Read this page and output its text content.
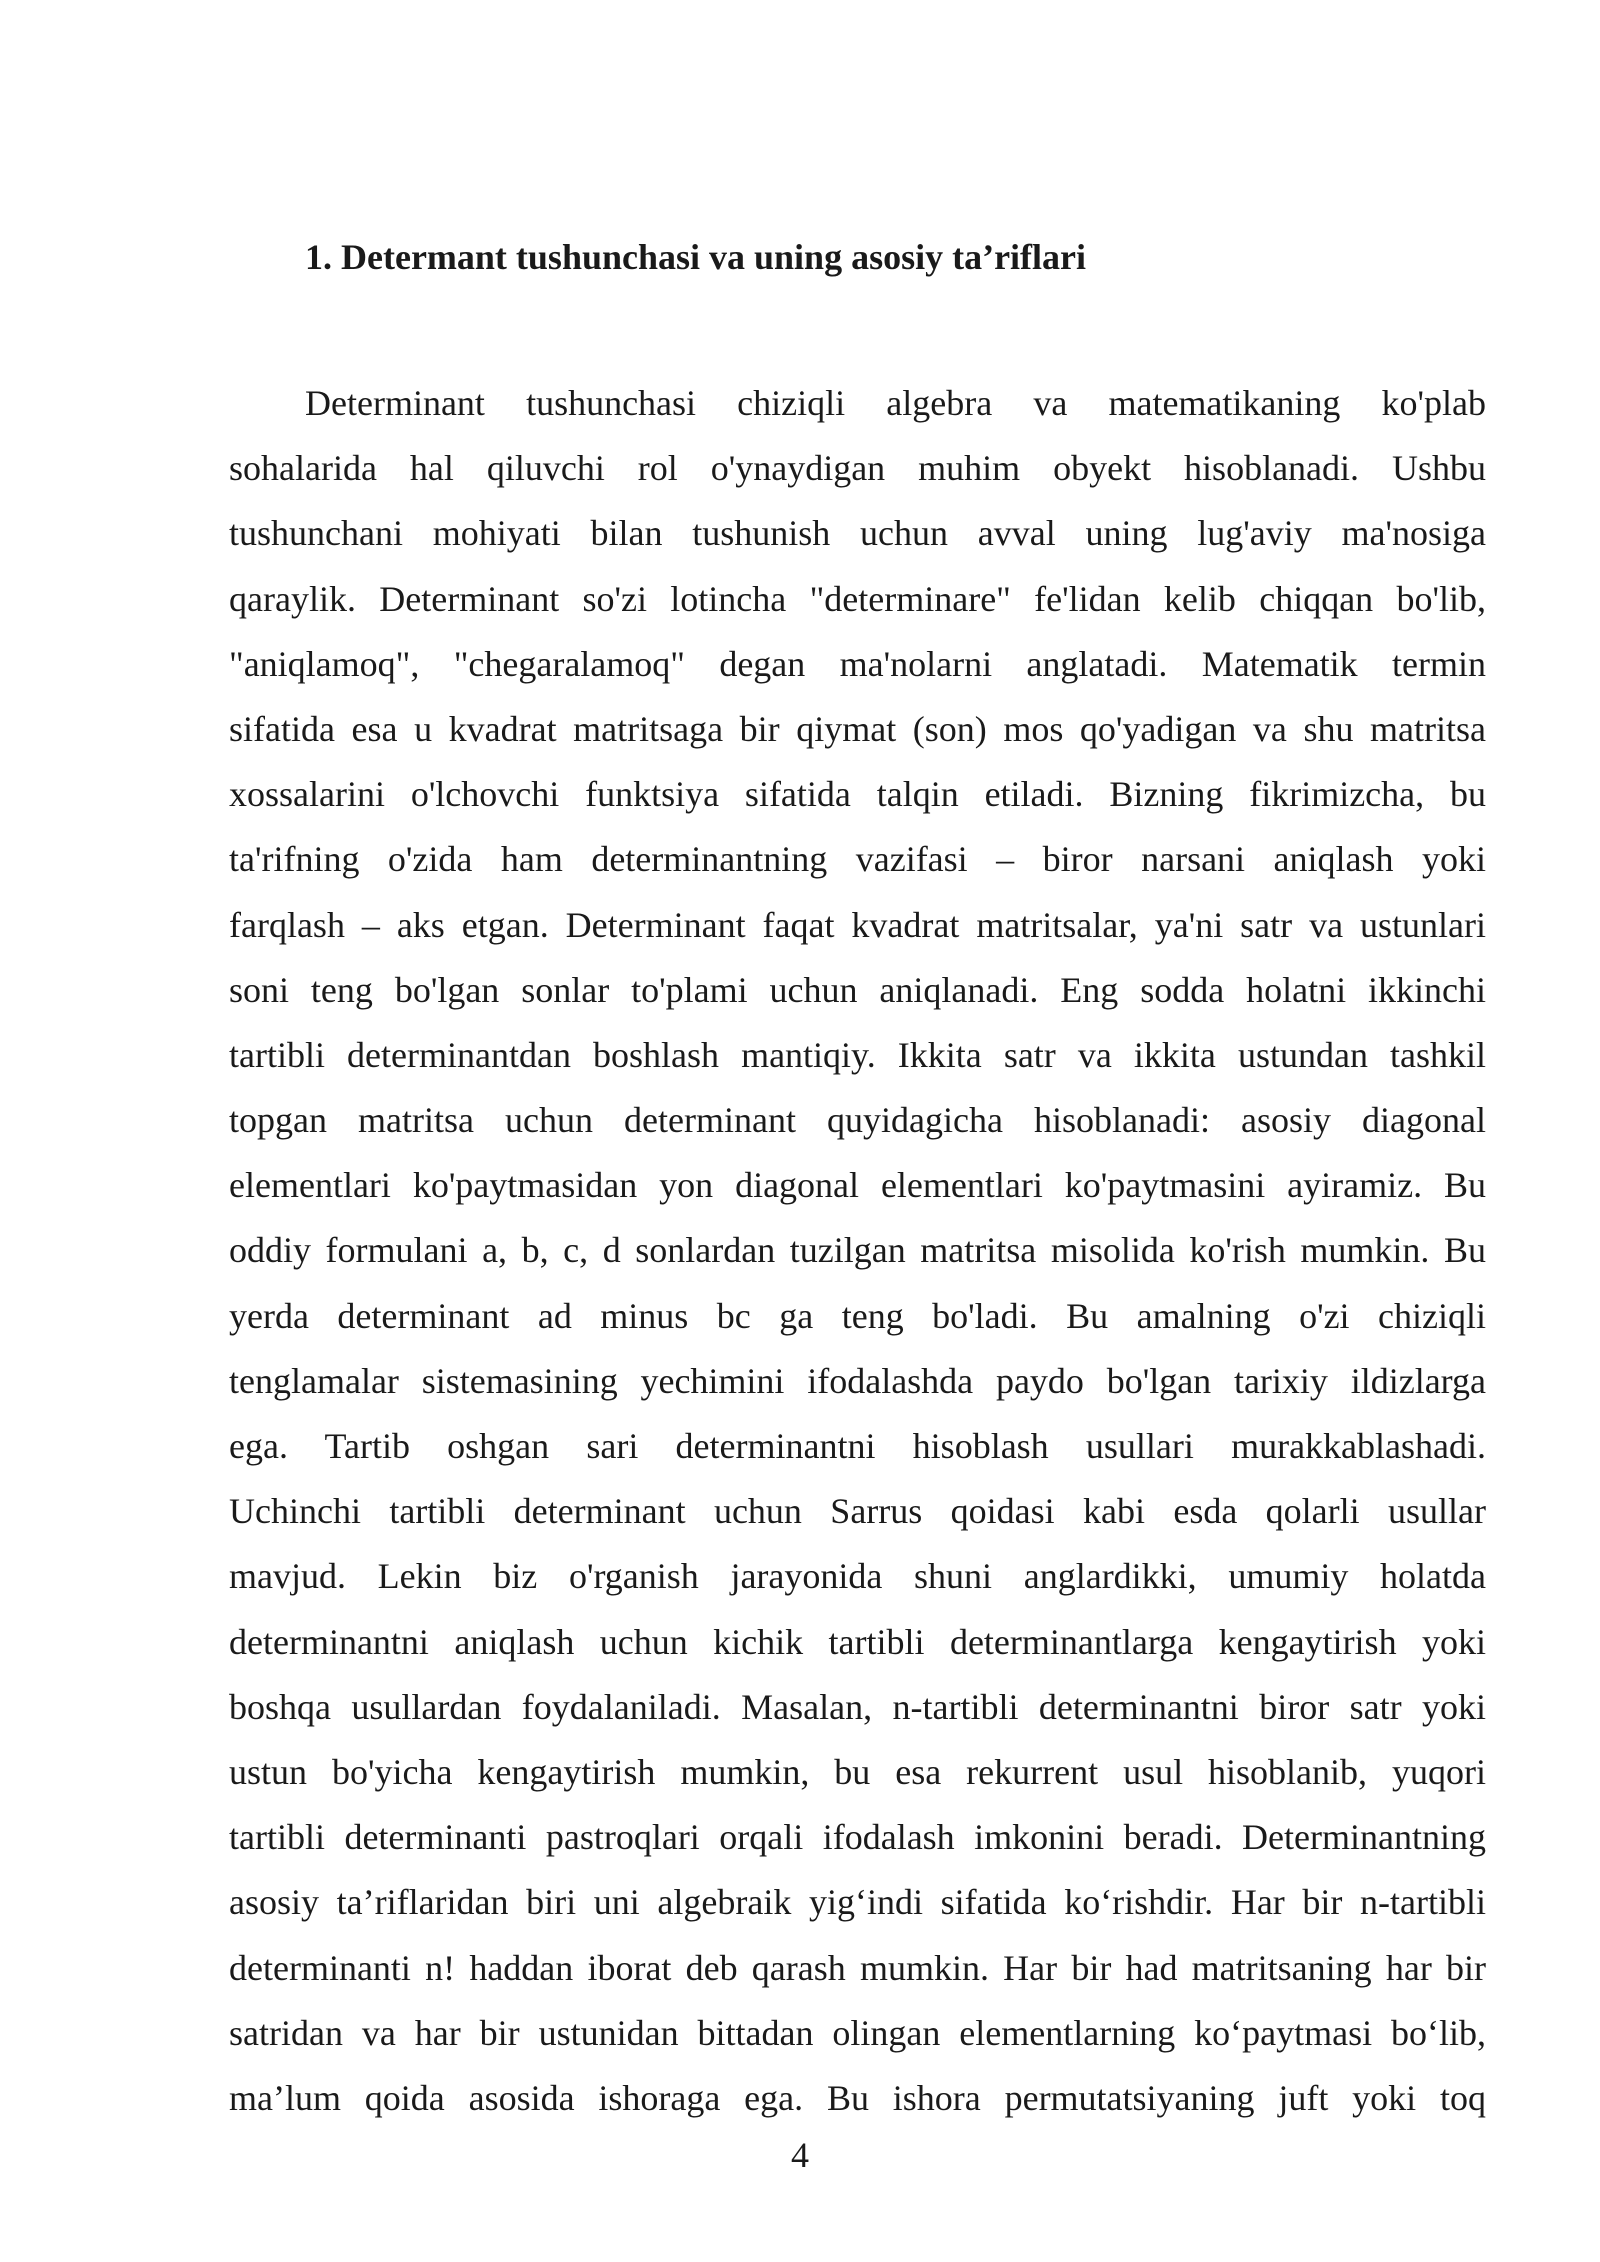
1. Determant tushunchasi va uning asosiy ta’riflari
Determinant tushunchasi chiziqli algebra va matematikaning ko'plab
sohalarida hal qiluvchi rol o'ynaydigan muhim obyekt hisoblanadi. Ushbu
tushunchani mohiyati bilan tushunish uchun avval uning lug'aviy ma'nosiga
qaraylik. Determinant so'zi lotincha "determinare" fe'lidan kelib chiqqan bo'lib,
"aniqlamoq", "chegaralamoq" degan ma'nolarni anglatadi. Matematik termin
sifatida esa u kvadrat matritsaga bir qiymat (son) mos qo'yadigan va shu matritsa
xossalarini o'lchovchi funktsiya sifatida talqin etiladi. Bizning fikrimizcha, bu
ta'rifning o'zida ham determinantning vazifasi – biror narsani aniqlash yoki
farqlash – aks etgan. Determinant faqat kvadrat matritsalar, ya'ni satr va ustunlari
soni teng bo'lgan sonlar to'plami uchun aniqlanadi. Eng sodda holatni ikkinchi
tartibli determinantdan boshlash mantiqiy. Ikkita satr va ikkita ustundan tashkil
topgan matritsa uchun determinant quyidagicha hisoblanadi: asosiy diagonal
elementlari ko'paytmasidan yon diagonal elementlari ko'paytmasini ayiramiz. Bu
oddiy formulani a, b, c, d sonlardan tuzilgan matritsa misolida ko'rish mumkin. Bu
yerda determinant ad minus bc ga teng bo'ladi. Bu amalning o'zi chiziqli
tenglamalar sistemasining yechimini ifodalashda paydo bo'lgan tarixiy ildizlarga
ega. Tartib oshgan sari determinantni hisoblash usullari murakkablashadi.
Uchinchi tartibli determinant uchun Sarrus qoidasi kabi esda qolarli usullar
mavjud. Lekin biz o'rganish jarayonida shuni anglardikki, umumiy holatda
determinantni aniqlash uchun kichik tartibli determinantlarga kengaytirish yoki
boshqa usullardan foydalaniladi. Masalan, n-tartibli determinantni biror satr yoki
ustun bo'yicha kengaytirish mumkin, bu esa rekurrent usul hisoblanib, yuqori
tartibli determinanti pastroqlari orqali ifodalash imkonini beradi. Determinantning
asosiy ta’riflaridan biri uni algebraik yig‘indi sifatida ko‘rishdir. Har bir n-tartibli
determinanti n! haddan iborat deb qarash mumkin. Har bir had matritsaning har bir
satridan va har bir ustunidan bittadan olingan elementlarning ko‘paytmasi bo‘lib,
ma’lum qoida asosida ishoraga ega. Bu ishora permutatsiyaning juft yoki toq
4
